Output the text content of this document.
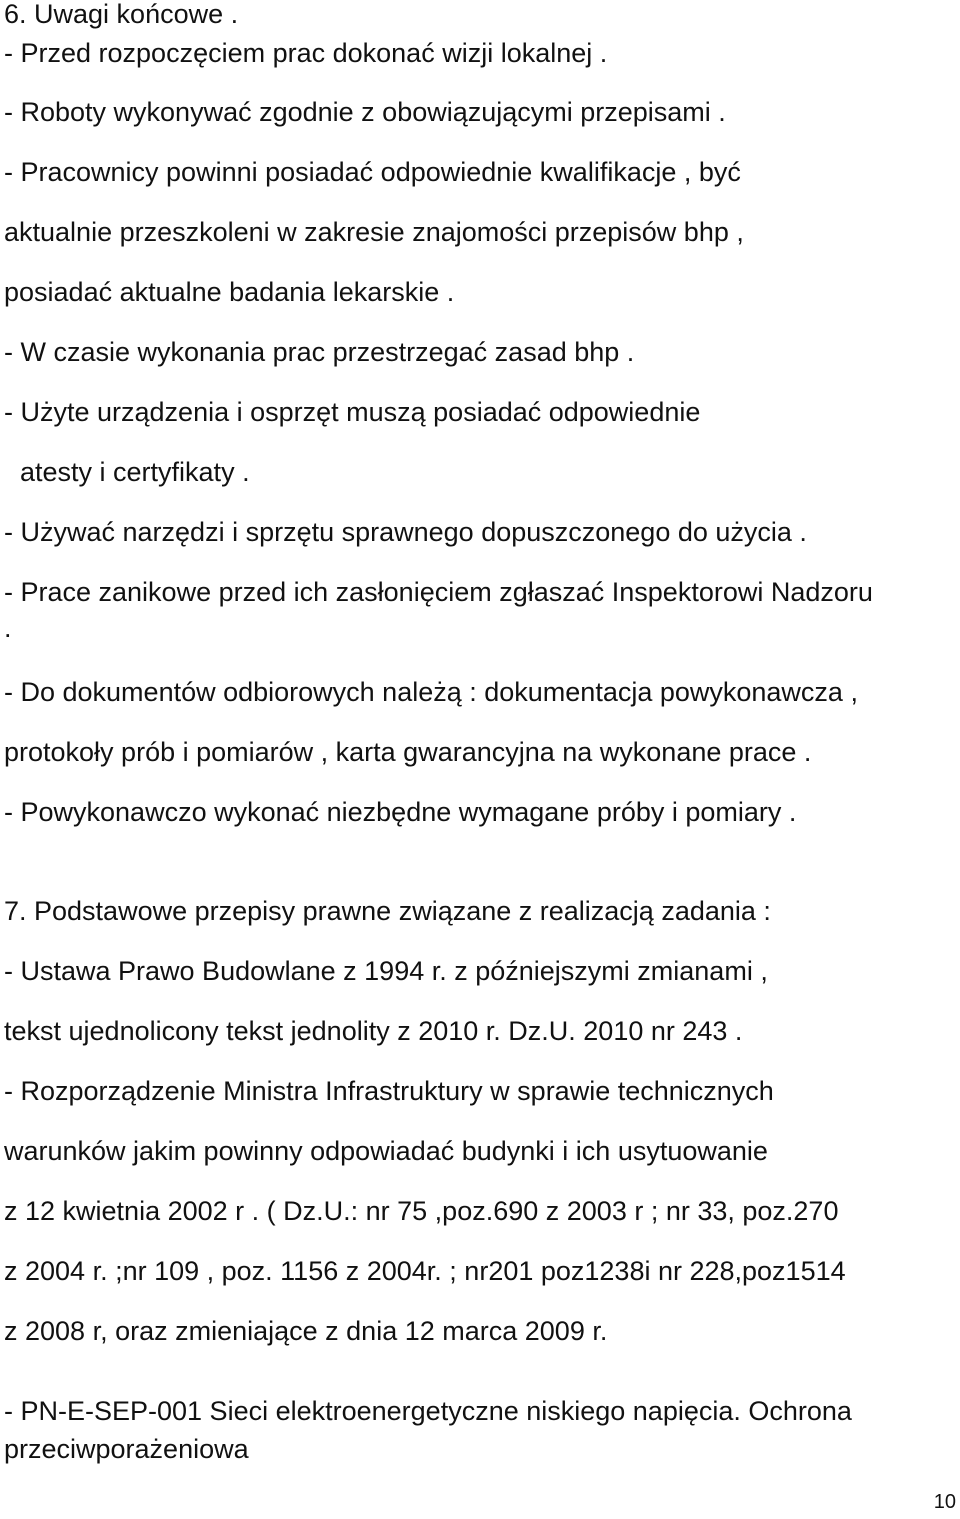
6. Uwagi końcowe .
- Przed rozpoczęciem prac dokonać wizji lokalnej .
- Roboty wykonywać zgodnie z obowiązującymi przepisami .
- Pracownicy powinni posiadać odpowiednie kwalifikacje , być
aktualnie przeszkoleni w zakresie znajomości przepisów bhp ,
posiadać aktualne badania lekarskie .
- W czasie wykonania prac przestrzegać zasad bhp .
- Użyte urządzenia i osprzęt muszą posiadać odpowiednie
atesty i certyfikaty .
- Używać narzędzi i sprzętu sprawnego dopuszczonego do użycia .
- Prace zanikowe przed ich zasłonięciem zgłaszać Inspektorowi Nadzoru
.
- Do dokumentów odbiorowych należą : dokumentacja powykonawcza ,
protokoły prób i pomiarów , karta gwarancyjna na wykonane prace .
- Powykonawczo wykonać niezbędne wymagane próby i pomiary .
7. Podstawowe przepisy prawne związane z realizacją zadania :
- Ustawa Prawo Budowlane z 1994 r. z późniejszymi zmianami ,
tekst ujednolicony tekst jednolity z 2010 r. Dz.U. 2010 nr 243 .
- Rozporządzenie Ministra Infrastruktury w sprawie technicznych
warunków jakim powinny odpowiadać budynki i ich usytuowanie
z 12 kwietnia 2002 r . ( Dz.U.: nr 75 ,poz.690 z 2003 r ; nr 33, poz.270
z 2004 r. ;nr 109 , poz. 1156 z 2004r. ; nr201 poz1238i nr 228,poz1514
z 2008 r, oraz zmieniające z dnia 12 marca 2009 r.
- PN-E-SEP-001 Sieci elektroenergetyczne niskiego napięcia. Ochrona
przeciwporażeniowa
10
